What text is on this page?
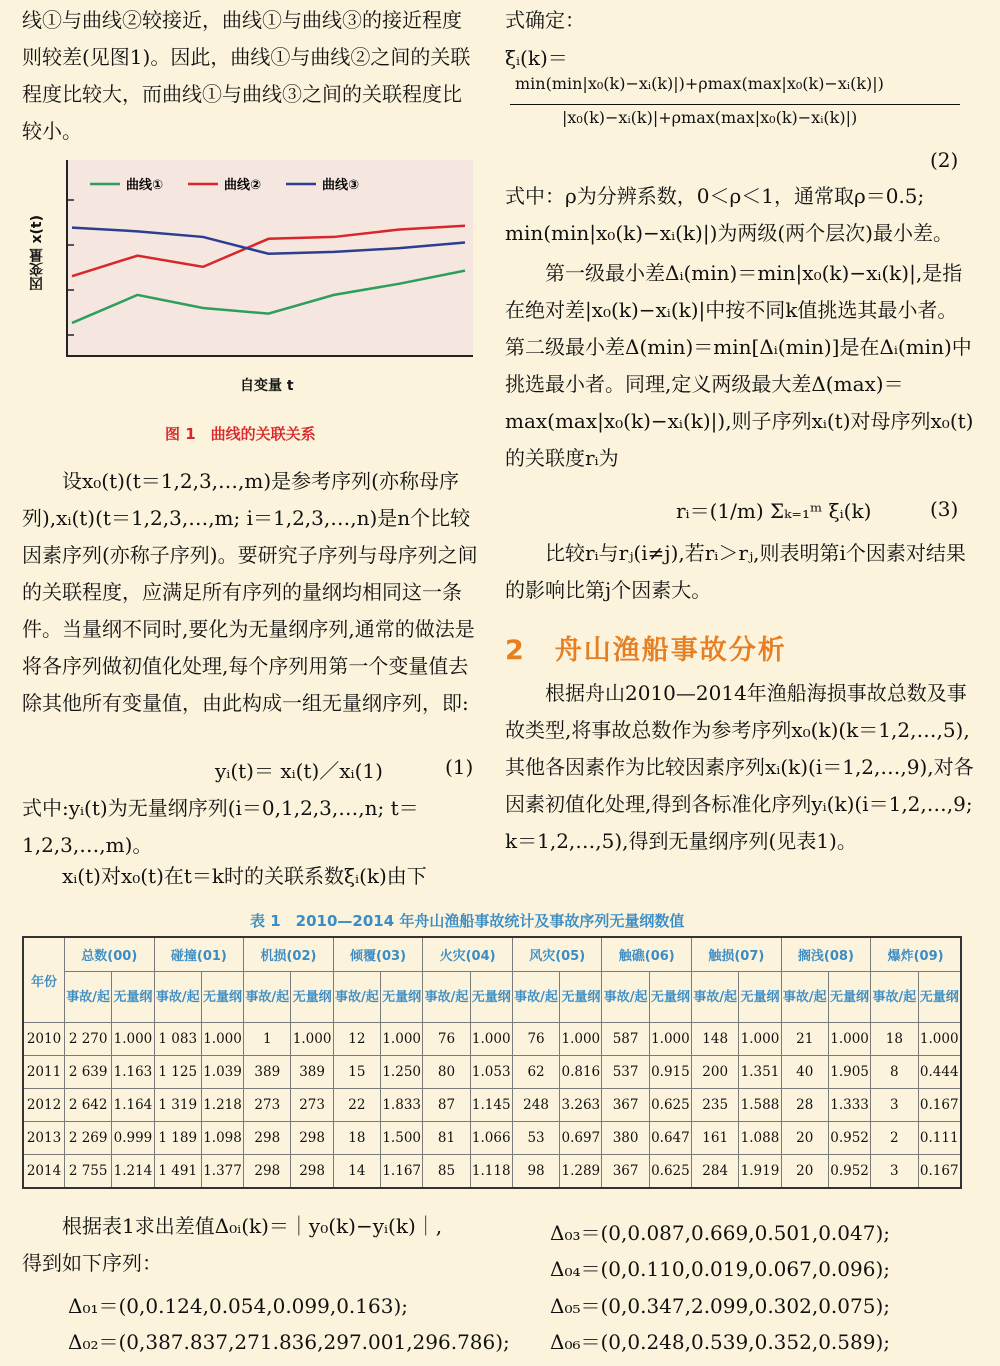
线①与曲线②较接近，曲线①与曲线③的接近程度则较差(见图1)。因此，曲线①与曲线②之间的关联程度比较大，而曲线①与曲线③之间的关联程度比较小。

曲线①	曲线②	曲线③
因变量 x(t)
自变量 t
图 1　曲线的关联关系

设x₀(t)(t＝1,2,3,…,m)是参考序列(亦称母序列),xᵢ(t)(t＝1,2,3,…,m; i＝1,2,3,…,n)是n个比较因素序列(亦称子序列)。要研究子序列与母序列之间的关联程度，应满足所有序列的量纲均相同这一条件。当量纲不同时,要化为无量纲序列,通常的做法是将各序列做初值化处理,每个序列用第一个变量值去除其他所有变量值，由此构成一组无量纲序列，即:

yᵢ(t)＝ xᵢ(t)／xᵢ(1)	(1)

式中:yᵢ(t)为无量纲序列(i＝0,1,2,3,…,n; t＝1,2,3,…,m)。

xᵢ(t)对x₀(t)在t＝k时的关联系数ξᵢ(k)由下

式确定：

ξᵢ(k)＝
min(min|x₀(k)−xᵢ(k)|)+ρmax(max|x₀(k)−xᵢ(k)|)
|x₀(k)−xᵢ(k)|+ρmax(max|x₀(k)−xᵢ(k)|)
(2)

式中：ρ为分辨系数，0＜ρ＜1，通常取ρ＝0.5;

min(min|x₀(k)−xᵢ(k)|)为两级(两个层次)最小差。

第一级最小差Δᵢ(min)＝min|x₀(k)−xᵢ(k)|,是指在绝对差|x₀(k)−xᵢ(k)|中按不同k值挑选其最小者。第二级最小差Δ(min)＝min[Δᵢ(min)]是在Δᵢ(min)中挑选最小者。同理,定义两级最大差Δ(max)＝max(max|x₀(k)−xᵢ(k)|),则子序列xᵢ(t)对母序列x₀(t)的关联度rᵢ为

rᵢ＝(1/m) Σₖ₌₁ᵐ ξᵢ(k)	(3)

比较rᵢ与rⱼ(i≠j),若rᵢ＞rⱼ,则表明第i个因素对结果的影响比第j个因素大。

2　舟山渔船事故分析

根据舟山2010—2014年渔船海损事故总数及事故类型,将事故总数作为参考序列x₀(k)(k＝1,2,…,5),其他各因素作为比较因素序列xᵢ(k)(i＝1,2,…,9),对各因素初值化处理,得到各标准化序列yᵢ(k)(i＝1,2,…,9; k＝1,2,…,5),得到无量纲序列(见表1)。

表 1　2010—2014 年舟山渔船事故统计及事故序列无量纲数值
年份	总数(00)		碰撞(01)		机损(02)		倾覆(03)		火灾(04)		风灾(05)		触礁(06)		触损(07)		搁浅(08)		爆炸(09)	
	事故/起	无量纲	事故/起	无量纲	事故/起	无量纲	事故/起	无量纲	事故/起	无量纲	事故/起	无量纲	事故/起	无量纲	事故/起	无量纲	事故/起	无量纲	事故/起	无量纲
2010	2 270	1.000	1 083	1.000	1	1.000	12	1.000	76	1.000	76	1.000	587	1.000	148	1.000	21	1.000	18	1.000
2011	2 639	1.163	1 125	1.039	389	389	15	1.250	80	1.053	62	0.816	537	0.915	200	1.351	40	1.905	8	0.444
2012	2 642	1.164	1 319	1.218	273	273	22	1.833	87	1.145	248	3.263	367	0.625	235	1.588	28	1.333	3	0.167
2013	2 269	0.999	1 189	1.098	298	298	18	1.500	81	1.066	53	0.697	380	0.647	161	1.088	20	0.952	2	0.111
2014	2 755	1.214	1 491	1.377	298	298	14	1.167	85	1.118	98	1.289	367	0.625	284	1.919	20	0.952	3	0.167

根据表1求出差值Δ₀ᵢ(k)＝｜y₀(k)−yᵢ(k)｜,

得到如下序列：

Δ₀₁＝(0,0.124,0.054,0.099,0.163);
Δ₀₂＝(0,387.837,271.836,297.001,296.786);
Δ₀₃＝(0,0.087,0.669,0.501,0.047);
Δ₀₄＝(0,0.110,0.019,0.067,0.096);
Δ₀₅＝(0,0.347,2.099,0.302,0.075);
Δ₀₆＝(0,0.248,0.539,0.352,0.589);
